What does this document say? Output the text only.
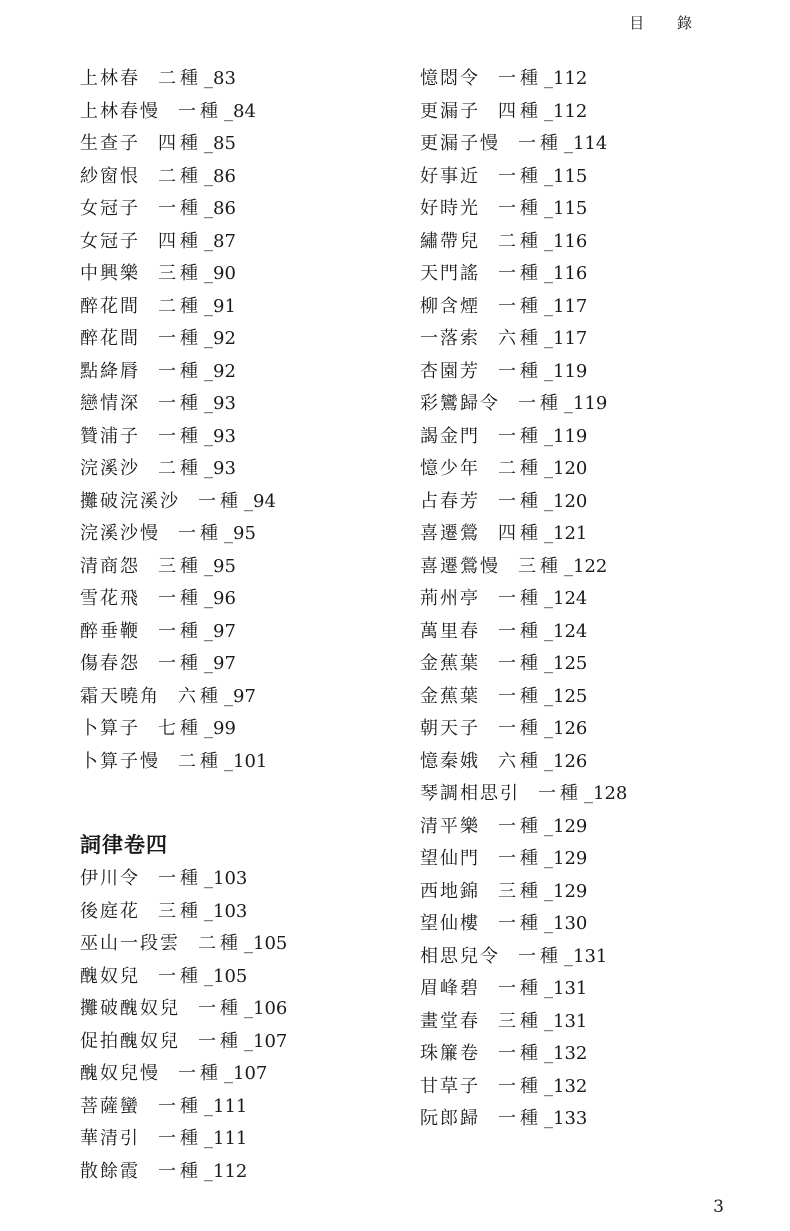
目 錄
上林春 二種 _ 83
上林春慢 一種 _ 84
生查子 四種 _ 85
紗窗恨 二種 _ 86
女冠子 一種 _ 86
女冠子 四種 _ 87
中興樂 三種 _ 90
醉花間 二種 _ 91
醉花間 一種 _ 92
點絳脣 一種 _ 92
戀情深 一種 _ 93
贊浦子 一種 _ 93
浣溪沙 二種 _ 93
攤破浣溪沙 一種 _ 94
浣溪沙慢 一種 _ 95
清商怨 三種 _ 95
雪花飛 一種 _ 96
醉垂鞭 一種 _ 97
傷春怨 一種 _ 97
霜天曉角 六種 _ 97
卜算子 七種 _ 99
卜算子慢 二種 _ 101
詞律卷四
伊川令 一種 _ 103
後庭花 三種 _ 103
巫山一段雲 二種 _ 105
醜奴兒 一種 _ 105
攤破醜奴兒 一種 _ 106
促拍醜奴兒 一種 _ 107
醜奴兒慢 一種 _ 107
菩薩蠻 一種 _ 111
華清引 一種 _ 111
散餘霞 一種 _ 112
憶悶令 一種 _ 112
更漏子 四種 _ 112
更漏子慢 一種 _ 114
好事近 一種 _ 115
好時光 一種 _ 115
繡帶兒 二種 _ 116
天門謠 一種 _ 116
柳含煙 一種 _ 117
一落索 六種 _ 117
杏園芳 一種 _ 119
彩鸞歸令 一種 _ 119
謁金門 一種 _ 119
憶少年 二種 _ 120
占春芳 一種 _ 120
喜遷鶯 四種 _ 121
喜遷鶯慢 三種 _ 122
荊州亭 一種 _ 124
萬里春 一種 _ 124
金蕉葉 一種 _ 125
金蕉葉 一種 _ 125
朝天子 一種 _ 126
憶秦娥 六種 _ 126
琴調相思引 一種 _ 128
清平樂 一種 _ 129
望仙門 一種 _ 129
西地錦 三種 _ 129
望仙樓 一種 _ 130
相思兒令 一種 _ 131
眉峰碧 一種 _ 131
畫堂春 三種 _ 131
珠簾卷 一種 _ 132
甘草子 一種 _ 132
阮郎歸 一種 _ 133
3
